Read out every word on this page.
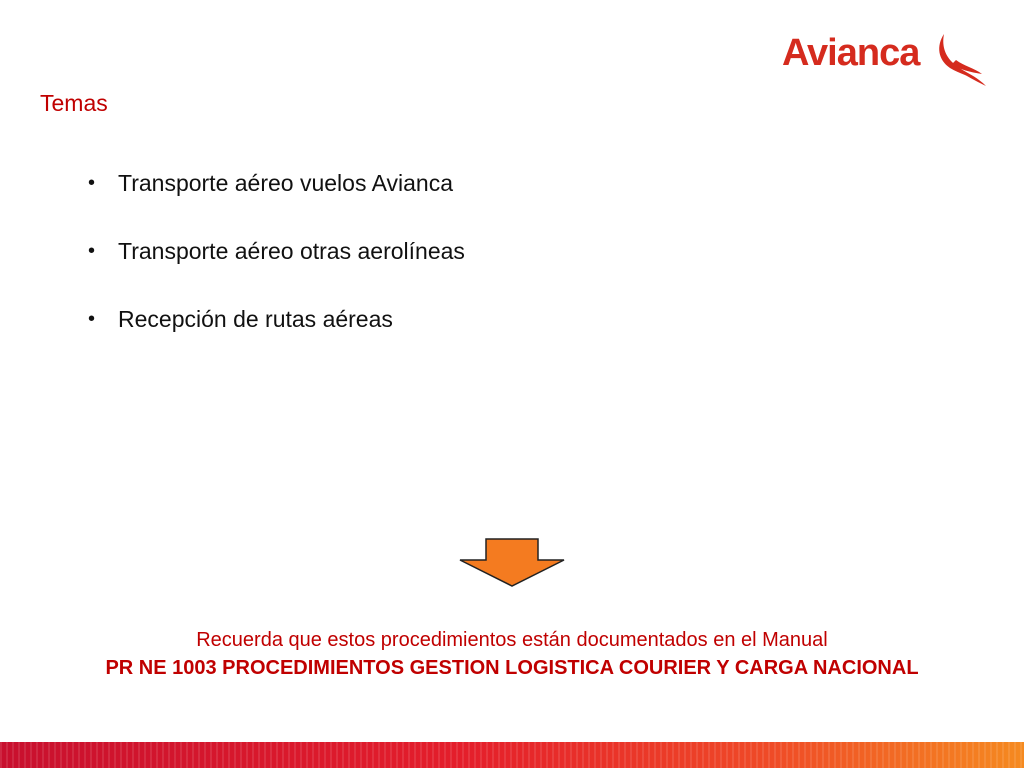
Avianca
Temas
• Transporte aéreo vuelos Avianca
• Transporte aéreo otras aerolíneas
• Recepción de rutas aéreas
Recuerda que estos procedimientos están documentados en el Manual
PR NE 1003 PROCEDIMIENTOS GESTION LOGISTICA COURIER Y CARGA NACIONAL
